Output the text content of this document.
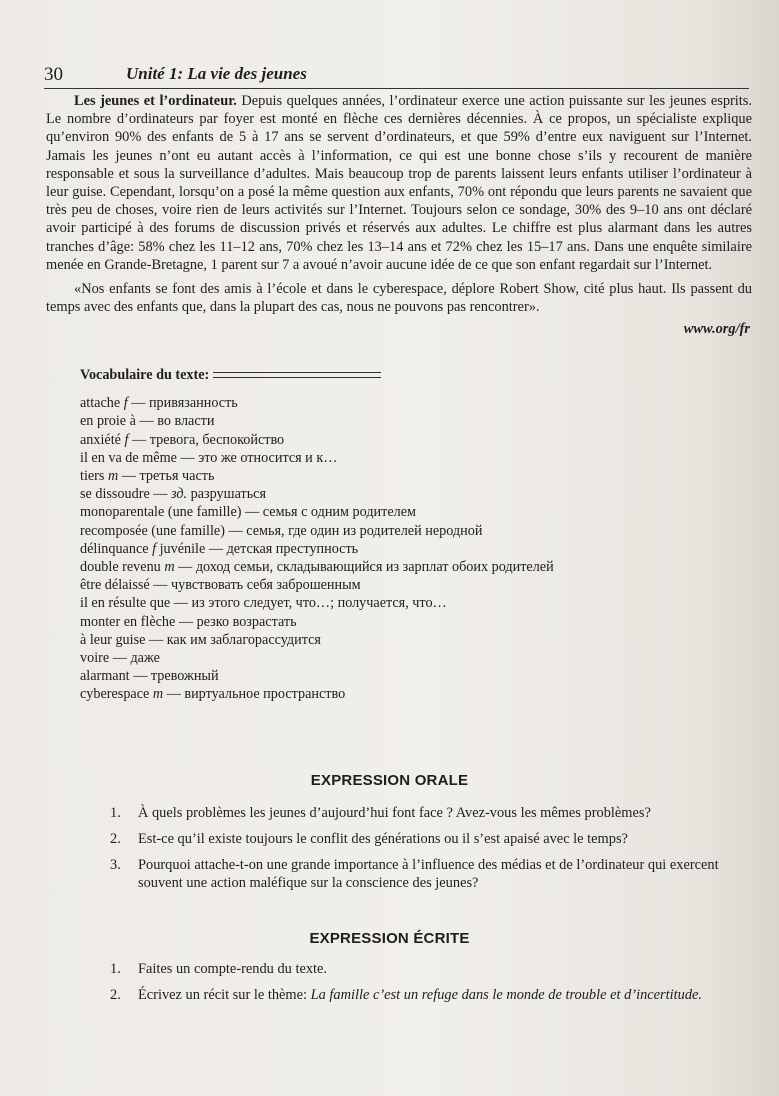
30	Unité 1: La vie des jeunes

Les jeunes et l’ordinateur. Depuis quelques années, l’ordinateur exerce une action puissante sur les jeunes esprits. Le nombre d’ordinateurs par foyer est monté en flèche ces dernières décennies. À ce propos, un spécialiste explique qu’environ 90% des enfants de 5 à 17 ans se servent d’ordinateurs, et que 59% d’entre eux naviguent sur l’Internet. Jamais les jeunes n’ont eu autant accès à l’information, ce qui est une bonne chose s’ils y recourent de manière responsable et sous la surveillance d’adultes. Mais beaucoup trop de parents laissent leurs enfants utiliser l’ordinateur à leur guise. Cependant, lorsqu’on a posé la même question aux enfants, 70% ont répondu que leurs parents ne savaient que très peu de choses, voire rien de leurs activités sur l’Internet. Toujours selon ce sondage, 30% des 9–10 ans ont déclaré avoir participé à des forums de discussion privés et réservés aux adultes. Le chiffre est plus alarmant dans les autres tranches d’âge: 58% chez les 11–12 ans, 70% chez les 13–14 ans et 72% chez les 15–17 ans. Dans une enquête similaire menée en Grande-Bretagne, 1 parent sur 7 a avoué n’avoir aucune idée de ce que son enfant regardait sur l’Internet.

«Nos enfants se font des amis à l’école et dans le cyberespace, déplore Robert Show, cité plus haut. Ils passent du temps avec des enfants que, dans la plupart des cas, nous ne pouvons pas rencontrer».

www.org/fr
Vocabulaire du texte:
attache f — привязанность
en proie à — во власти
anxiété f — тревога, беспокойство
il en va de même — это же относится и к…
tiers m — третья часть
se dissoudre — зд. разрушаться
monoparentale (une famille) — семья с одним родителем
recomposée (une famille) — семья, где один из родителей неродной
délinquance f juvénile — детская преступность
double revenu m — доход семьи, складывающийся из зарплат обоих родителей
être délaissé — чувствовать себя заброшенным
il en résulte que — из этого следует, что…; получается, что…
monter en flèche — резко возрастать
à leur guise — как им заблагорассудится
voire — даже
alarmant — тревожный
cyberespace m — виртуальное пространство
EXPRESSION ORALE
1.	À quels problèmes les jeunes d’aujourd’hui font face ? Avez-vous les mêmes problèmes?
2.	Est-ce qu’il existe toujours le conflit des générations ou il s’est apaisé avec le temps?
3.	Pourquoi attache-t-on une grande importance à l’influence des médias et de l’ordinateur qui exercent souvent une action maléfique sur la conscience des jeunes?
EXPRESSION ÉCRITE
1.	Faites un compte-rendu du texte.
2.	Écrivez un récit sur le thème: La famille c’est un refuge dans le monde de trouble et d’incertitude.
